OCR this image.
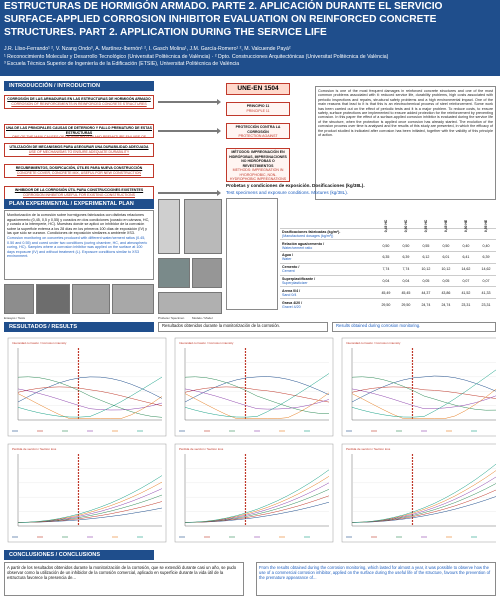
ESTRUCTURAS DE HORMIGÓN ARMADO. PARTE 2. APLICACIÓN DURANTE EL SERVICIO
SURFACE-APPLIED CORROSION INHIBITOR EVALUATION ON REINFORCED CONCRETE
STRUCTURES. PART 2. APPLICATION DURING THE SERVICE LIFE
J.R. Lliso-Ferrando¹ ², V. Nzang Ondo³, A. Martínez-Ibernón¹ ², I. Gasch Molina¹, J.M. García-Romero¹ ², M. Valcuende Payá²
¹ Reconocimiento Molecular y Desarrollo Tecnológico (Universitat Politècnica de València) · ² Dpto. Construcciones Arquitectónicas (Universitat Politècnica de València)
³ Escuela Técnica Superior de Ingeniería de la Edificación (ETSIE), Universitat Politècnica de València
INTRODUCCIÓN / INTRODUCTION
CORROSIÓN DE LAS ARMADURAS EN LAS ESTRUCTURAS DE HORMIGÓN ARMADO
CORROSION OF REINFORCEMENTS IN REINFORCED CONCRETE STRUCTURES
UNA DE LAS PRINCIPALES CAUSAS DE DETERIORO Y FALLO PREMATURO DE ESTAS ESTRUCTURAS
ONE OF THE MAIN CAUSES OF DETERIORATION AND PREMATURE FAILURE OF
UTILIZACIÓN DE MECANISMOS PARA ASEGURAR UNA DURABILIDAD ADECUADA
USE OF MECHANISMS TO ENSURE ADEQUATE DURABILITY
RECUBRIMIENTOS, DOSIFICACIÓN, ÚTILES PARA NUEVA CONSTRUCCIÓN
CONCRETE COVER, CONCRETE MIX, USEFUL FOR NEW CONSTRUCTION
INHIBIDOR DE LA CORROSIÓN ÚTIL PARA CONSTRUCCIONES EXISTENTES
CORROSION INHIBITOR USEFUL FOR EXISTING CONSTRUCTIONS
UNE-EN 1504
PRINCIPIO 11
PRINCIPLE 11
PROTECCIÓN CONTRA LA CORROSIÓN
PROTECTION AGAINST
MÉTODOS: IMPREGNACIÓN EN HIDRÓFOBAS, IMPREGNACIONES NO HIDRÓFOBAS O REVESTIMIENTOS
METHODS: IMPREGNATION IN HYDROPHOBIC, NON-HYDROPHOBIC IMPREGNATIONS
Corrosion is one of the most frequent damages in reinforced concrete structures and one of the most common problems associated with it: reduced service life, durability problems, high costs associated with periodic inspections and repairs, structural safety problems and a high environmental impact. One of the main reasons that lead to it is that this is an electrochemical process of steel reinforcement. Some work has been carried out on the effect of periodic tests and it is a major problem. To reduce costs, to ensure safety, surface protections are implemented to ensure added protection for the reinforcement by preventing corrosion. In this paper the effect of a surface-applied corrosion inhibitor is evaluated during the service life of the structure, when the protection is applied once corrosion has already started. The evolution of the corrosion process over time is analysed and the results of this study are presented, in which the efficacy of the product studied is indicated after corrosion has been initiated, together with the validity of this principle of action.
PLAN EXPERIMENTAL / EXPERIMENTAL PLAN
Monitorización de la corrosión sobre hormigones fabricados con distintas relaciones agua/cemento (0,45, 0,5 y 0,55) y curados en dos condiciones (curado en cámara, HC, y curado a la intemperie, HC). Muestras donde se aplicó un inhibidor de la corrosión sobre la superficie externa a los 28 días en los primeros 100 días de exposición (IV) y las que sólo se curaron. Condiciones de exposición similares a ambiente XS3. Corrosion monitoring on concretes produced with different water/cement ratios (0.45, 0.50 and 0.55) and cured under two conditions (curing chamber, HC, and atmospheric curing, HC). Samples where a corrosion inhibitor was applied on the surface at 100 days exposure (IV) and without treatment (L). Exposure conditions similar to XS3 environment.
Ensayos / Tests	Probeta / Specimen	Modelo / Model
Probetas y condiciones de exposición. Dosificaciones (kg/38L).
Test specimens and exposure conditions. Mixtures (kg/38L).
	0,45 HC	0,50 HC	0,55 HC	0,45 HE	0,50 HE	0,55 HE
Dosificaciones fabricadas (kg/m³).
(Manufactured dosages (kg/m³))						
Relación agua/cemento /
Water/cement ratio	0,50	0,50	0,55	0,50	0,40	0,40
Agua /
Water	6,35	6,39	6,12	6,01	6,41	6,39
Cemento /
Cement	7,74	7,74	10,12	10,12	14,62	14,62
Superplastificante /
Superplasticizer	0,04	0,04	0,05	0,05	0,07	0,07
Arena 0/4 /
Sand 0/4	45,49	45,45	44,37	43,86	41,52	41,33
Grava 4/20 /
Gravel 4/20	29,50	29,50	24,74	24,74	23,31	23,31
RESULTADOS / RESULTS	Resultados obtenidos durante la monitorización de la corrosión.	Results obtained during corrosion monitoring.
Intensidad corrosión / Corrosion intensity	Intensidad corrosión / Corrosion intensity	Intensidad corrosión / Corrosion intensity
Pérdida de sección / Section loss	Pérdida de sección / Section loss	Pérdida de sección / Section loss
CONCLUSIONES / CONCLUSIONS
A partir de los resultados obtenidos durante la monitorización de la corrosión, que se extendió durante casi un año, se pudo observar como la utilización de un inhibidor de la corrosión comercial, aplicado en superficie durante la vida útil de la estructura favorece la presencia de...
From the results obtained during the corrosion monitoring, which lasted for almost a year, it was possible to observe how the use of a commercial corrosion inhibitor, applied on the surface during the useful life of the structure, favours the prevention of the premature appearance of...
